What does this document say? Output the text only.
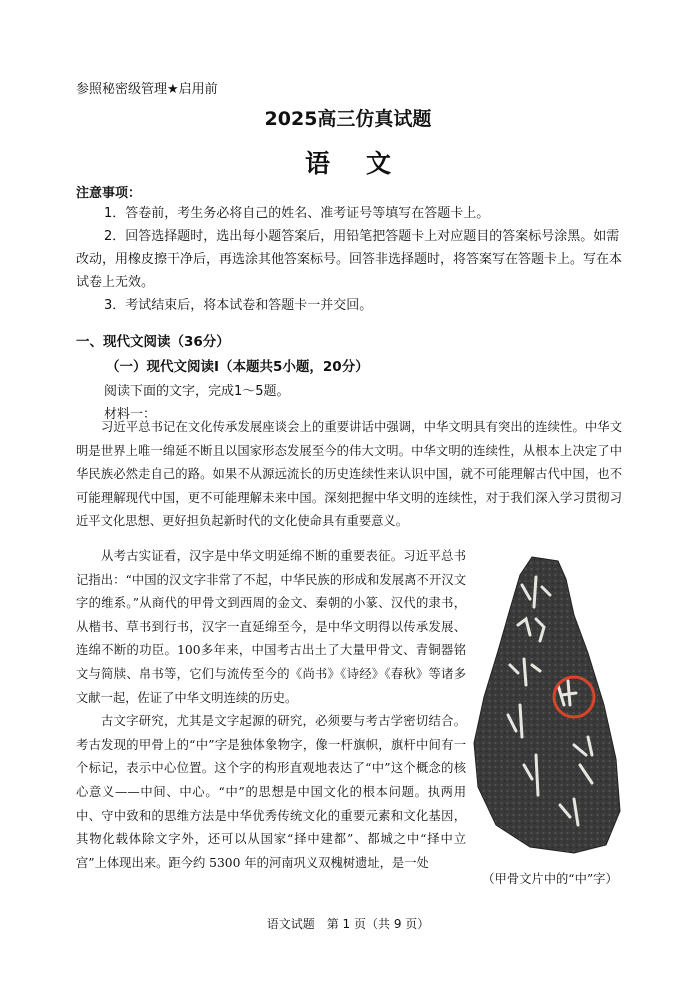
参照秘密级管理★启用前
2025高三仿真试题
语文
注意事项：

1．答卷前，考生务必将自己的姓名、准考证号等填写在答题卡上。

2．回答选择题时，选出每小题答案后，用铅笔把答题卡上对应题目的答案标号涂黑。如需改动，用橡皮擦干净后，再选涂其他答案标号。回答非选择题时，将答案写在答题卡上。写在本试卷上无效。

3．考试结束后，将本试卷和答题卡一并交回。

一、现代文阅读（36分）
（一）现代文阅读Ⅰ（本题共5小题，20分）
阅读下面的文字，完成1～5题。
材料一：

习近平总书记在文化传承发展座谈会上的重要讲话中强调，中华文明具有突出的连续性。中华文明是世界上唯一绵延不断且以国家形态发展至今的伟大文明。中华文明的连续性，从根本上决定了中华民族必然走自己的路。如果不从源远流长的历史连续性来认识中国，就不可能理解古代中国，也不可能理解现代中国，更不可能理解未来中国。深刻把握中华文明的连续性，对于我们深入学习贯彻习近平文化思想、更好担负起新时代的文化使命具有重要意义。

从考古实证看，汉字是中华文明延绵不断的重要表征。习近平总书记指出：“中国的汉文字非常了不起，中华民族的形成和发展离不开汉文字的维系。”从商代的甲骨文到西周的金文、秦朝的小篆、汉代的隶书，从楷书、草书到行书，汉字一直延绵至今，是中华文明得以传承发展、连绵不断的功臣。100多年来，中国考古出土了大量甲骨文、青铜器铭文与简牍、帛书等，它们与流传至今的《尚书》《诗经》《春秋》等诸多文献一起，佐证了中华文明连续的历史。

古文字研究，尤其是文字起源的研究，必须要与考古学密切结合。考古发现的甲骨上的“中”字是独体象物字，像一杆旗帜，旗杆中间有一个标记，表示中心位置。这个字的构形直观地表达了“中”这个概念的核心意义——中间、中心。“中”的思想是中国文化的根本问题。执两用中、守中致和的思维方法是中华优秀传统文化的重要元素和文化基因，其物化载体除文字外，还可以从国家“择中建都”、都城之中“择中立宫”上体现出来。距今约 5300 年的河南巩义双槐树遗址，是一处

（甲骨文片中的“中”字）
语文试题　第 1 页（共 9 页）
